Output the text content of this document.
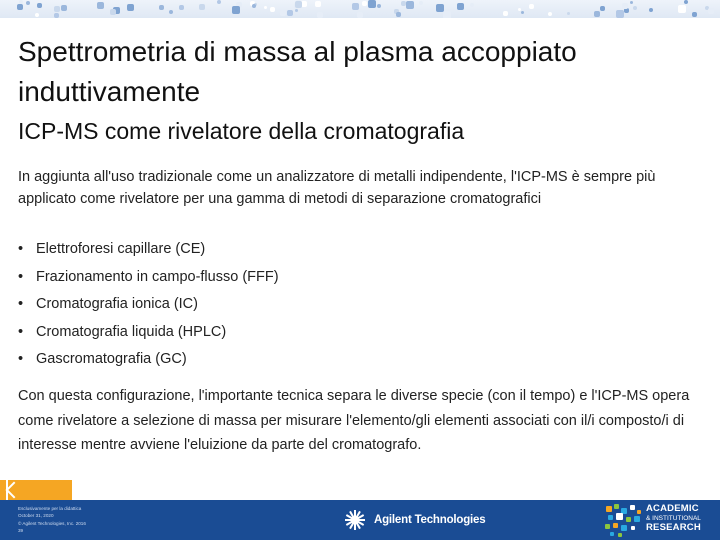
Spettrometria di massa al plasma accoppiato induttivamente
ICP-MS come rivelatore della cromatografia
In aggiunta all'uso tradizionale come un analizzatore di metalli indipendente, l'ICP-MS è sempre più applicato come rivelatore per una gamma di metodi di separazione cromatografici
• Elettroforesi capillare (CE)
• Frazionamento in campo-flusso (FFF)
• Cromatografia ionica (IC)
• Cromatografia liquida (HPLC)
• Gascromatografia (GC)
Con questa configurazione, l'importante tecnica separa le diverse specie (con il tempo) e l'ICP-MS opera come rivelatore a selezione di massa per misurare l'elemento/gli elementi associati con il/i composto/i di interesse mentre avviene l'eluizione da parte del cromatografo.
Esclusivamente per la didattica
October 31, 2020
© Agilent Technologies, Inc. 2016
39
Agilent Technologies
ACADEMIC
& INSTITUTIONAL
RESEARCH
